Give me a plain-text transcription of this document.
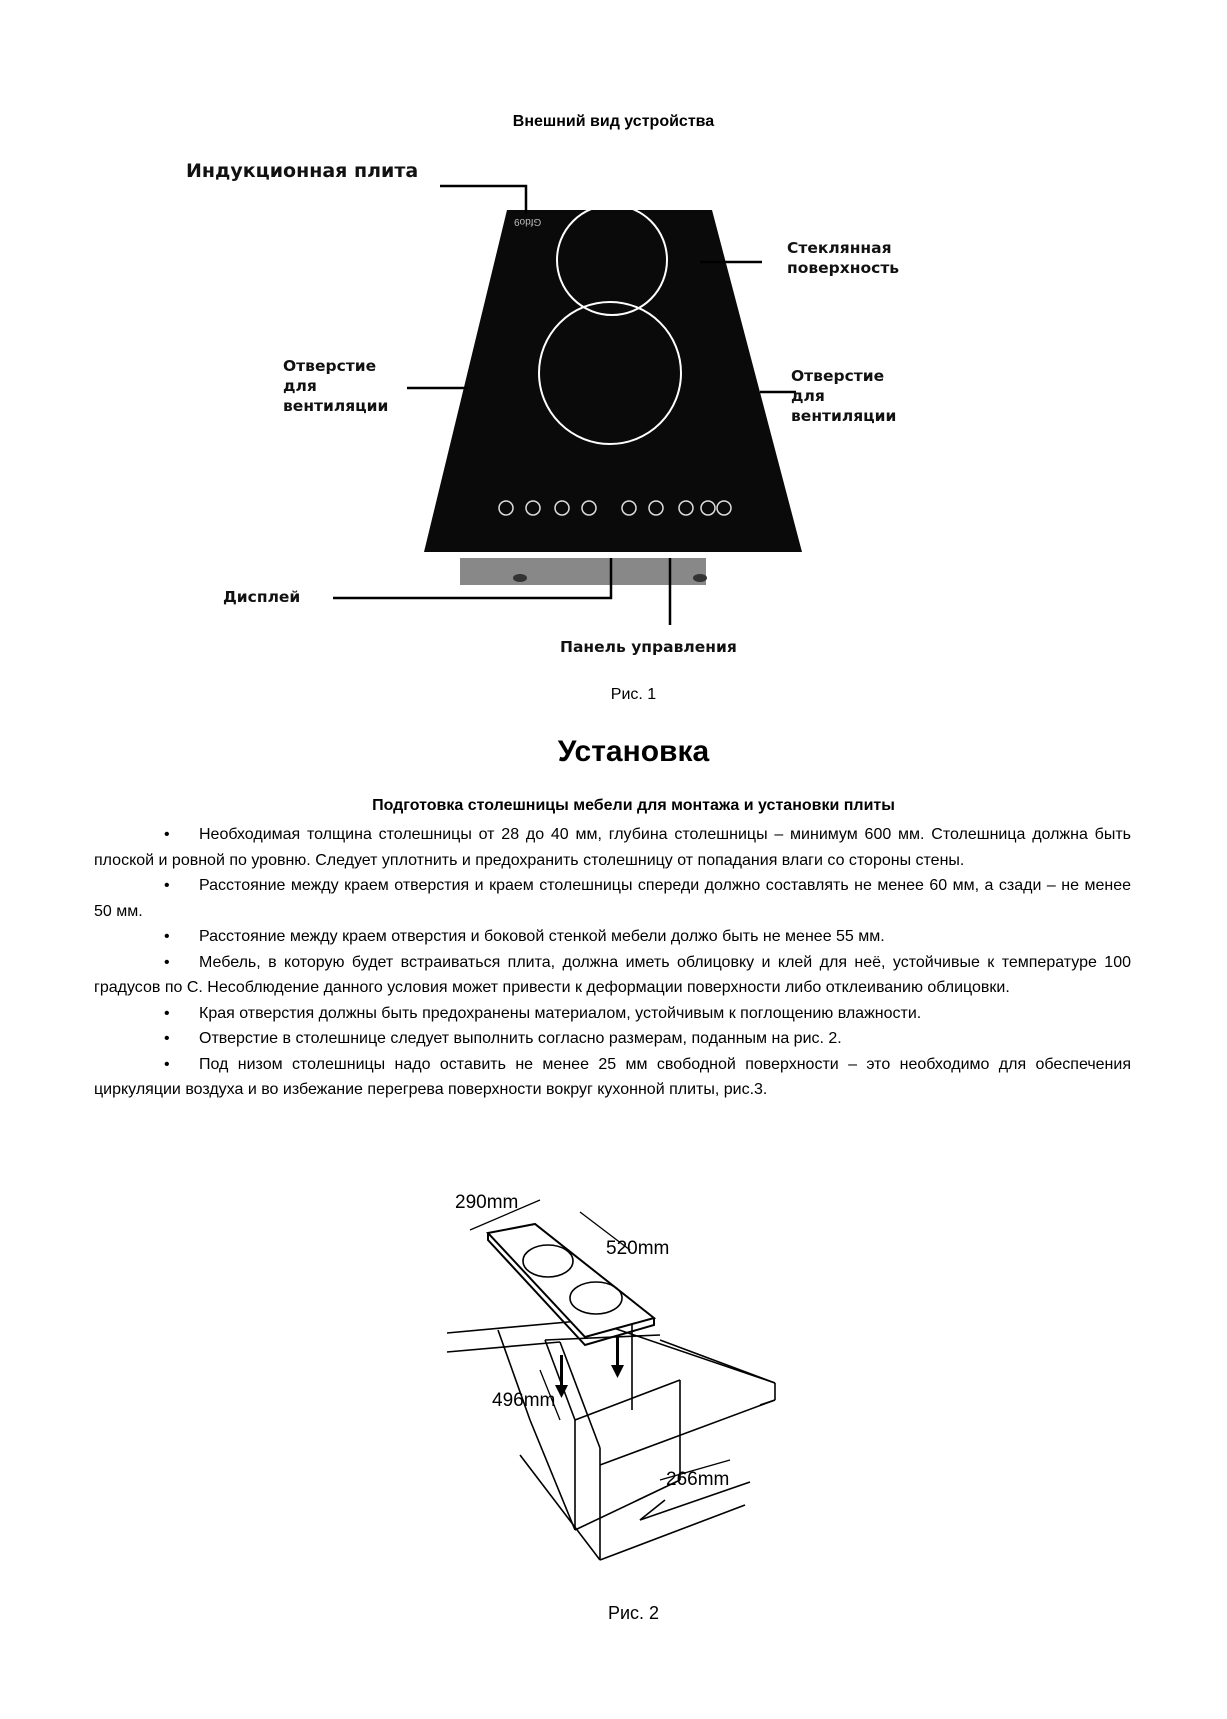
Внешний вид устройства
Gfdo9
Индукционная плита
Стеклянная
поверхность
Отверстие
для
вентиляции
Отверстие
для
вентиляции
Дисплей
Панель управления
Рис. 1
Установка
Подготовка столешницы мебели для монтажа и установки плиты

• Необходимая толщина столешницы от 28 до 40 мм, глубина столешницы – минимум 600 мм. Столешница должна быть плоской и ровной по уровню. Следует уплотнить и предохранить столешницу от попадания влаги со стороны стены.

• Расстояние между краем отверстия и краем столешницы спереди должно составлять не менее 60 мм, а сзади – не менее 50 мм.

• Расстояние между краем отверстия и боковой стенкой мебели должо быть не менее 55 мм.

• Мебель, в которую будет встраиваться плита, должна иметь облицовку и клей для неё, устойчивые к температуре 100 градусов по С. Несоблюдение данного условия может привести к деформации поверхности либо отклеиванию облицовки.

• Края отверстия должны быть предохранены материалом, устойчивым к поглощению влажности.

• Отверстие в столешнице следует выполнить согласно размерам, поданным на рис. 2.

• Под низом столешницы надо оставить не менее 25 мм свободной поверхности – это необходимо для обеспечения циркуляции воздуха и во избежание перегрева поверхности вокруг кухонной плиты, рис.3.

290mm
520mm
496mm
266mm
Рис. 2
